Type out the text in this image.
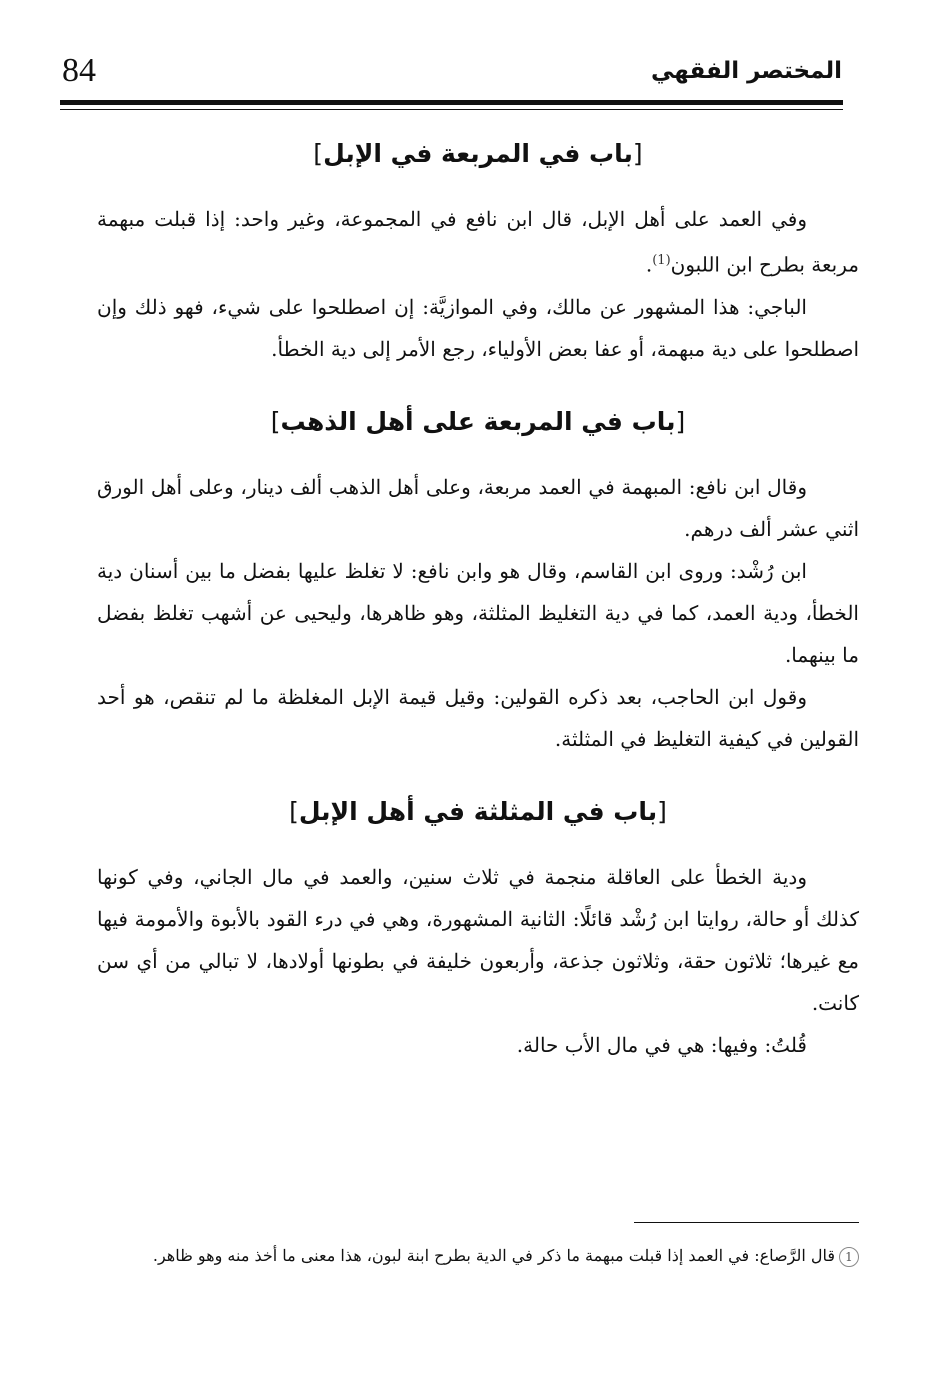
84	المختصر الفقهي
[باب في المربعة في الإبل]

وفي العمد على أهل الإبل، قال ابن نافع في المجموعة، وغير واحد: إذا قبلت مبهمة مربعة بطرح ابن اللبون$^{(1)}$.

الباجي: هذا المشهور عن مالك، وفي الموازيَّة: إن اصطلحوا على شيء، فهو ذلك وإن اصطلحوا على دية مبهمة، أو عفا بعض الأولياء، رجع الأمر إلى دية الخطأ.

[باب في المربعة على أهل الذهب]

وقال ابن نافع: المبهمة في العمد مربعة، وعلى أهل الذهب ألف دينار، وعلى أهل الورق اثني عشر ألف درهم.

ابن رُشْد: وروى ابن القاسم، وقال هو وابن نافع: لا تغلظ عليها بفضل ما بين أسنان دية الخطأ، ودية العمد، كما في دية التغليظ المثلثة، وهو ظاهرها، وليحيى عن أشهب تغلظ بفضل ما بينهما.

وقول ابن الحاجب، بعد ذكره القولين: وقيل قيمة الإبل المغلظة ما لم تنقص، هو أحد القولين في كيفية التغليظ في المثلثة.

[باب في المثلثة في أهل الإبل]

ودية الخطأ على العاقلة منجمة في ثلاث سنين، والعمد في مال الجاني، وفي كونها كذلك أو حالة، روايتا ابن رُشْد قائلًا: الثانية المشهورة، وهي في درء القود بالأبوة والأمومة فيها مع غيرها؛ ثلاثون حقة، وثلاثون جذعة، وأربعون خليفة في بطونها أولادها، لا تبالي من أي سن كانت.

قُلتُ: وفيها: هي في مال الأب حالة.

1قال الرَّصاع: في العمد إذا قبلت مبهمة ما ذكر في الدية بطرح ابنة لبون، هذا معنى ما أخذ منه وهو ظاهر.
